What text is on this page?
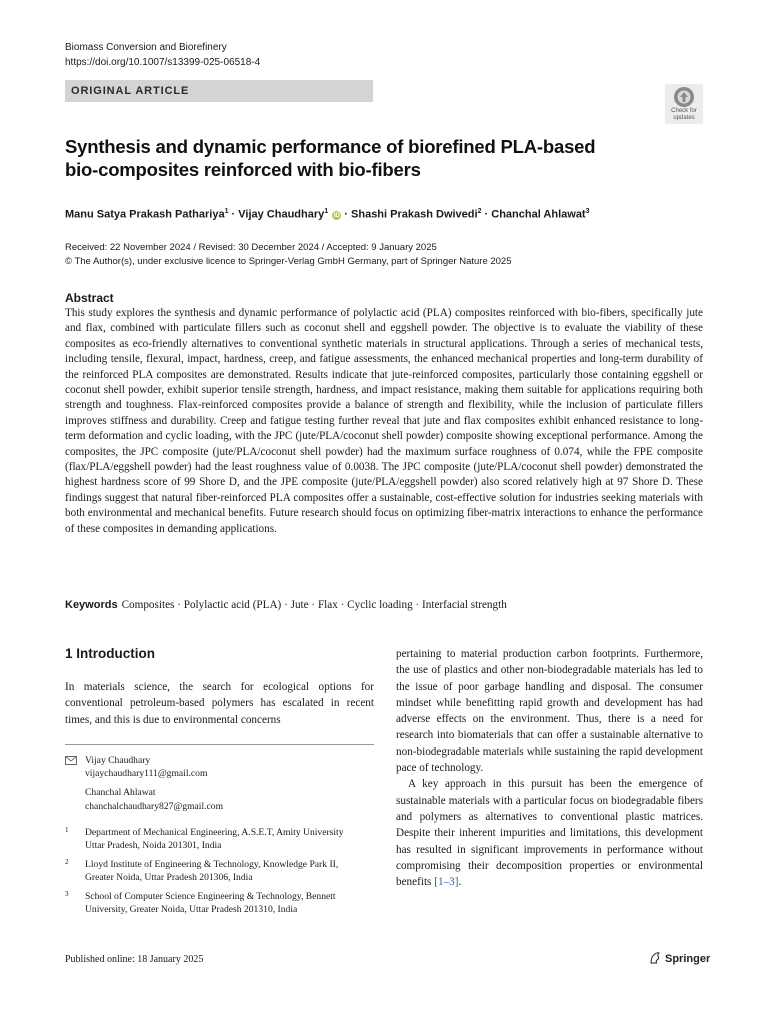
Biomass Conversion and Biorefinery
https://doi.org/10.1007/s13399-025-06518-4
ORIGINAL ARTICLE
Check for
updates
Synthesis and dynamic performance of biorefined PLA-based bio-composites reinforced with bio-fibers
Manu Satya Prakash Pathariya$^1$ · Vijay Chaudhary$^1$ iD · Shashi Prakash Dwivedi$^2$ · Chanchal Ahlawat$^3$
Received: 22 November 2024 / Revised: 30 December 2024 / Accepted: 9 January 2025
© The Author(s), under exclusive licence to Springer-Verlag GmbH Germany, part of Springer Nature 2025
Abstract
This study explores the synthesis and dynamic performance of polylactic acid (PLA) composites reinforced with bio-fibers, specifically jute and flax, combined with particulate fillers such as coconut shell and eggshell powder. The objective is to evaluate the viability of these composites as eco-friendly alternatives to conventional synthetic materials in structural applications. Through a series of mechanical tests, including tensile, flexural, impact, hardness, creep, and fatigue assessments, the enhanced mechanical properties and long-term durability of the reinforced PLA composites are demonstrated. Results indicate that jute-reinforced composites, particularly those containing eggshell or coconut shell powder, exhibit superior tensile strength, hardness, and impact resistance, making them suitable for applications requiring both strength and toughness. Flax-reinforced composites provide a balance of strength and flexibility, while the inclusion of particulate fillers improves stiffness and durability. Creep and fatigue testing further reveal that jute and flax composites exhibit enhanced resistance to long-term deformation and cyclic loading, with the JPC (jute/PLA/coconut shell powder) composite showing exceptional performance. Among the composites, the JPC composite (jute/PLA/coconut shell powder) had the maximum surface roughness of 0.074, while the FPE composite (flax/PLA/eggshell powder) had the least roughness value of 0.0038. The JPC composite (jute/PLA/coconut shell powder) demonstrated the highest hardness score of 99 Shore D, and the JPE composite (jute/PLA/eggshell powder) also scored relatively high at 97 Shore D. These findings suggest that natural fiber-reinforced PLA composites offer a sustainable, cost-effective solution for industries seeking materials with both environmental and mechanical benefits. Future research should focus on optimizing fiber-matrix interactions to enhance the performance of these composites in demanding applications.
Keywords Composites · Polylactic acid (PLA) · Jute · Flax · Cyclic loading · Interfacial strength
1 Introduction
In materials science, the search for ecological options for conventional petroleum-based polymers has escalated in recent times, and this is due to environmental concerns

pertaining to material production carbon footprints. Furthermore, the use of plastics and other non-biodegradable materials has led to the issue of poor garbage handling and disposal. The consumer mindset while benefitting rapid growth and development has had adverse effects on the environment. Thus, there is a need for research into biomaterials that can offer a sustainable alternative to non-biodegradable materials while sustaining the rapid development pace of technology.

A key approach in this pursuit has been the emergence of sustainable materials with a particular focus on biodegradable fibers and polymers as alternatives to conventional plastic matrices. Despite their inherent impurities and limitations, this development has resulted in significant improvements in performance without compromising their decomposition properties or environmental benefits [1–3].

Vijay Chaudhary
vijaychaudhary111@gmail.com
Chanchal Ahlawat
chanchalchaudhary827@gmail.com
1 Department of Mechanical Engineering, A.S.E.T, Amity University Uttar Pradesh, Noida 201301, India
2 Lloyd Institute of Engineering & Technology, Knowledge Park II, Greater Noida, Uttar Pradesh 201306, India
3 School of Computer Science Engineering & Technology, Bennett University, Greater Noida, Uttar Pradesh 201310, India
Published online: 18 January 2025	Springer
